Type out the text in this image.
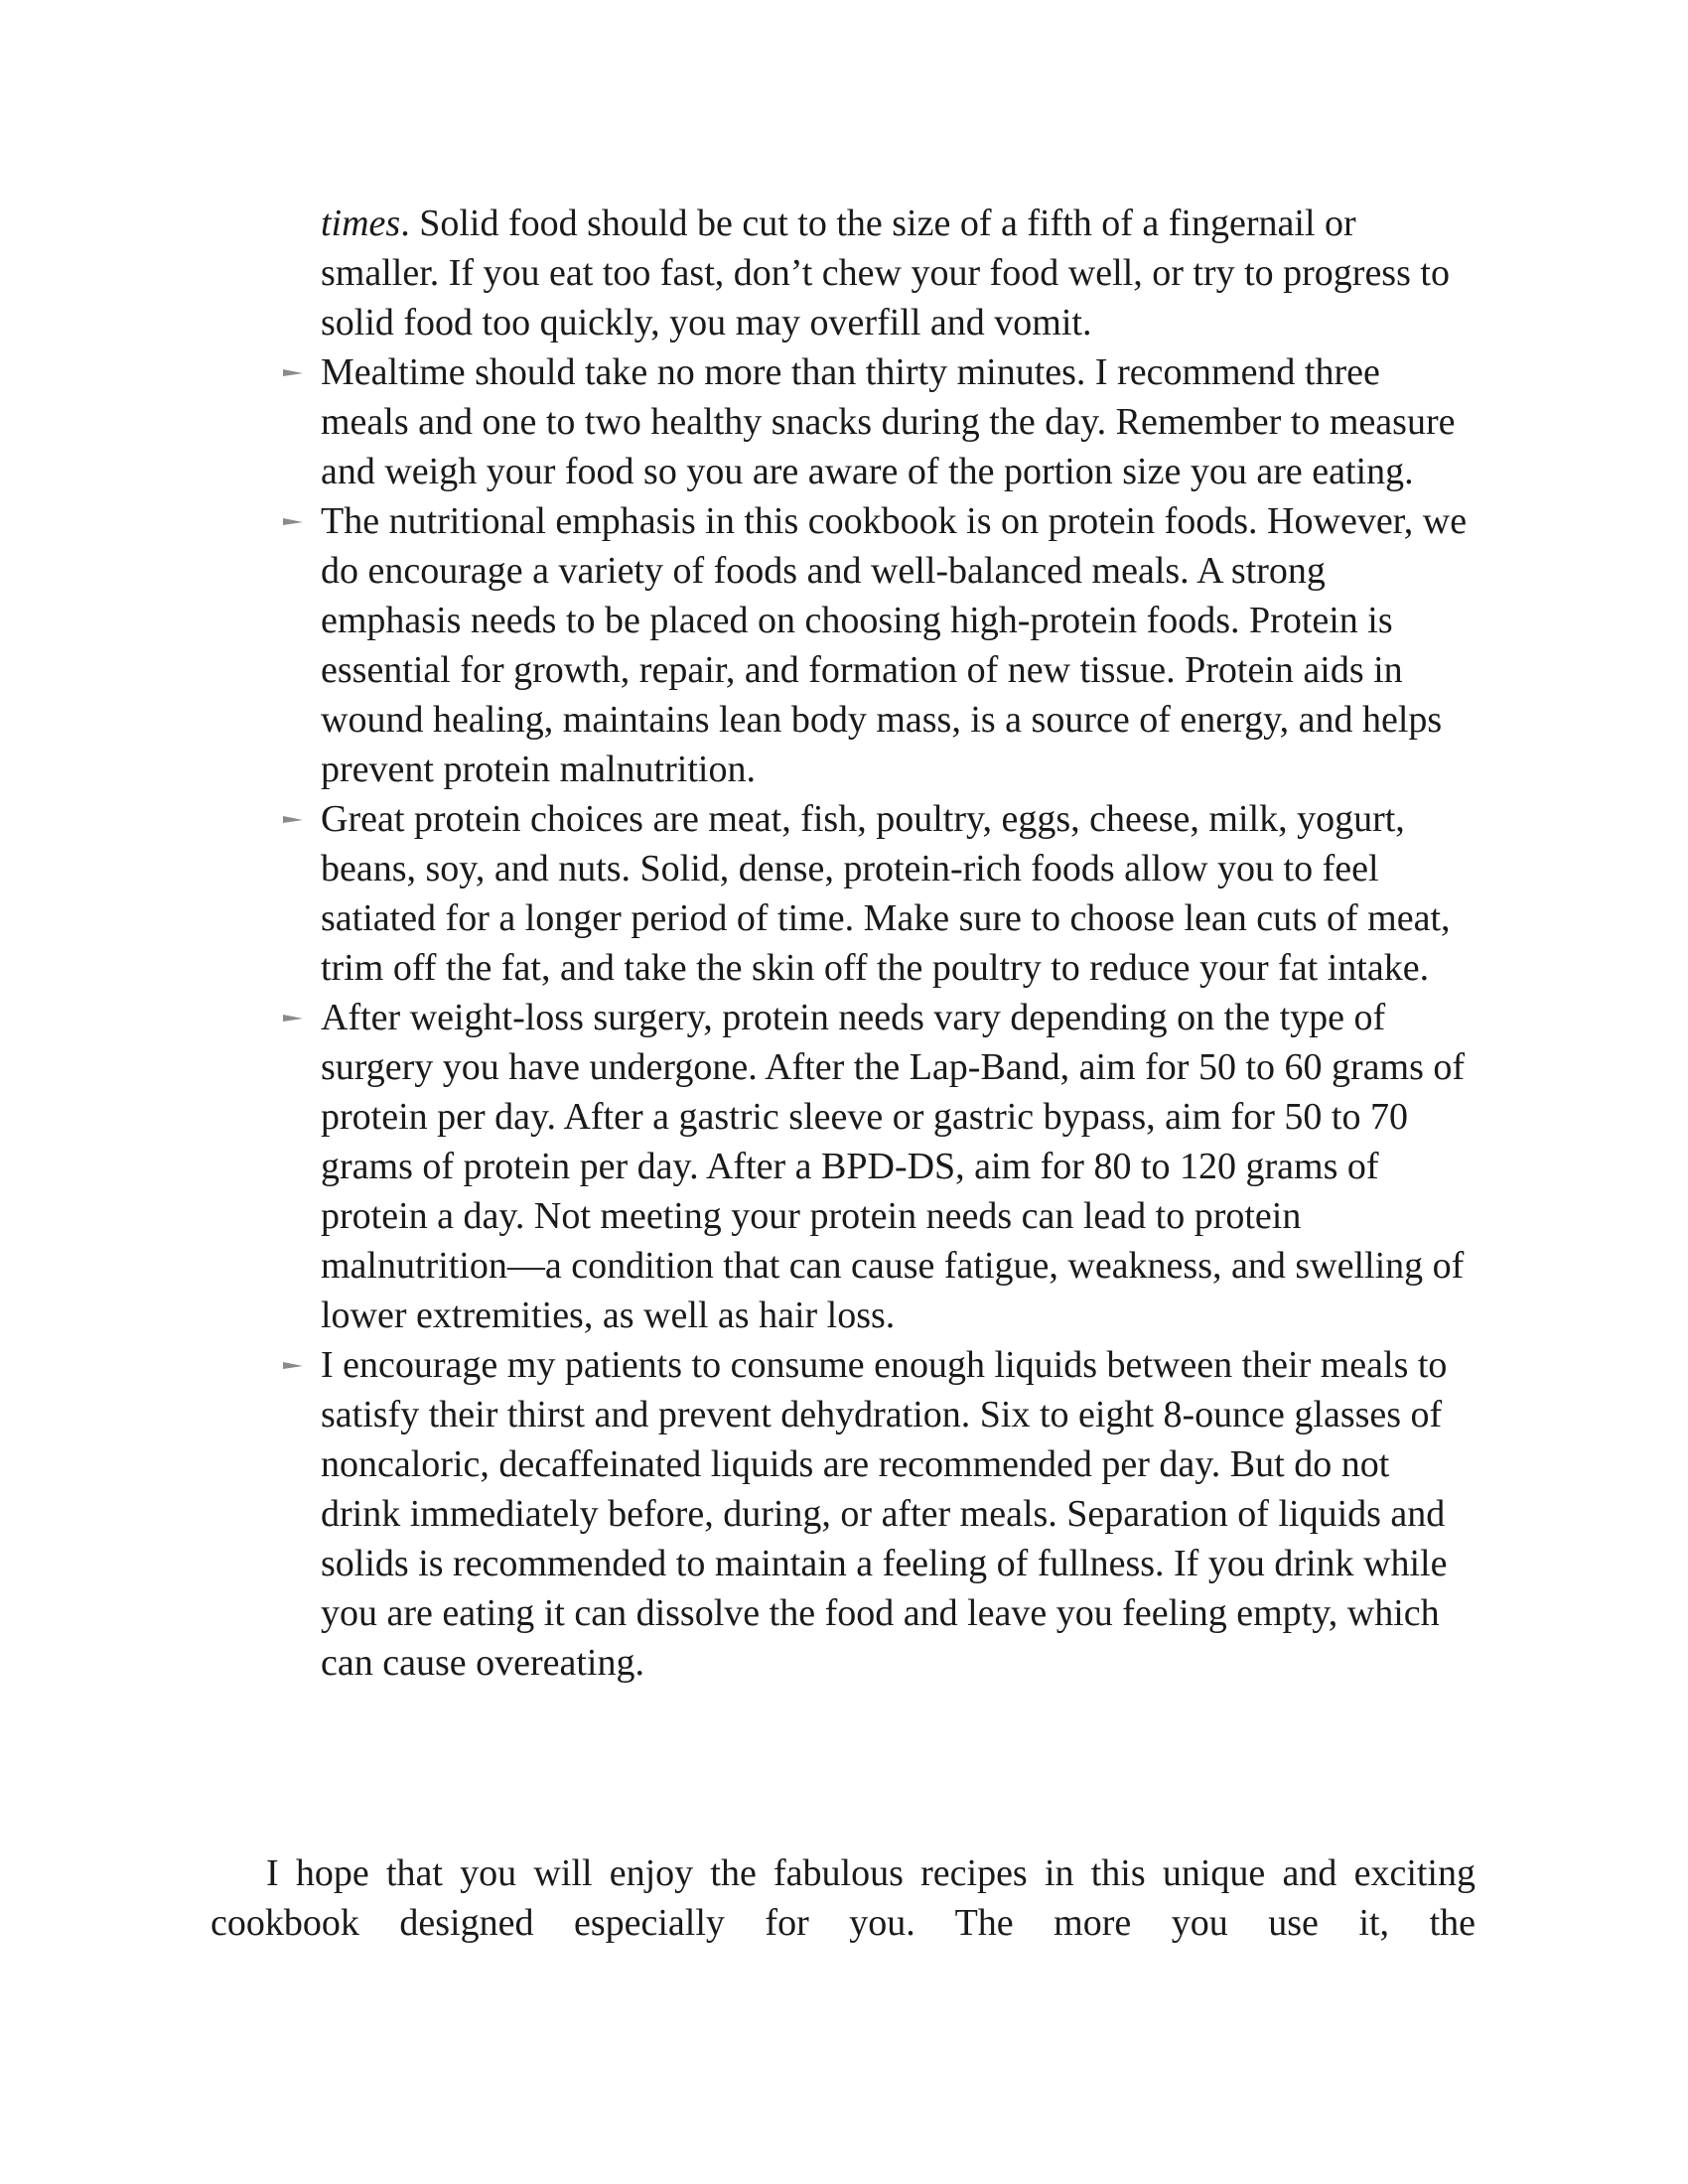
times. Solid food should be cut to the size of a fifth of a fingernail or smaller. If you eat too fast, don’t chew your food well, or try to progress to solid food too quickly, you may overfill and vomit.
Mealtime should take no more than thirty minutes. I recommend three meals and one to two healthy snacks during the day. Remember to measure and weigh your food so you are aware of the portion size you are eating.
The nutritional emphasis in this cookbook is on protein foods. However, we do encourage a variety of foods and well-balanced meals. A strong emphasis needs to be placed on choosing high-protein foods. Protein is essential for growth, repair, and formation of new tissue. Protein aids in wound healing, maintains lean body mass, is a source of energy, and helps prevent protein malnutrition.
Great protein choices are meat, fish, poultry, eggs, cheese, milk, yogurt, beans, soy, and nuts. Solid, dense, protein-rich foods allow you to feel satiated for a longer period of time. Make sure to choose lean cuts of meat, trim off the fat, and take the skin off the poultry to reduce your fat intake.
After weight-loss surgery, protein needs vary depending on the type of surgery you have undergone. After the Lap-Band, aim for 50 to 60 grams of protein per day. After a gastric sleeve or gastric bypass, aim for 50 to 70 grams of protein per day. After a BPD-DS, aim for 80 to 120 grams of protein a day. Not meeting your protein needs can lead to protein malnutrition—a condition that can cause fatigue, weakness, and swelling of lower extremities, as well as hair loss.
I encourage my patients to consume enough liquids between their meals to satisfy their thirst and prevent dehydration. Six to eight 8-ounce glasses of noncaloric, decaffeinated liquids are recommended per day. But do not drink immediately before, during, or after meals. Separation of liquids and solids is recommended to maintain a feeling of fullness. If you drink while you are eating it can dissolve the food and leave you feeling empty, which can cause overeating.

I hope that you will enjoy the fabulous recipes in this unique and exciting cookbook designed especially for you. The more you use it, the
